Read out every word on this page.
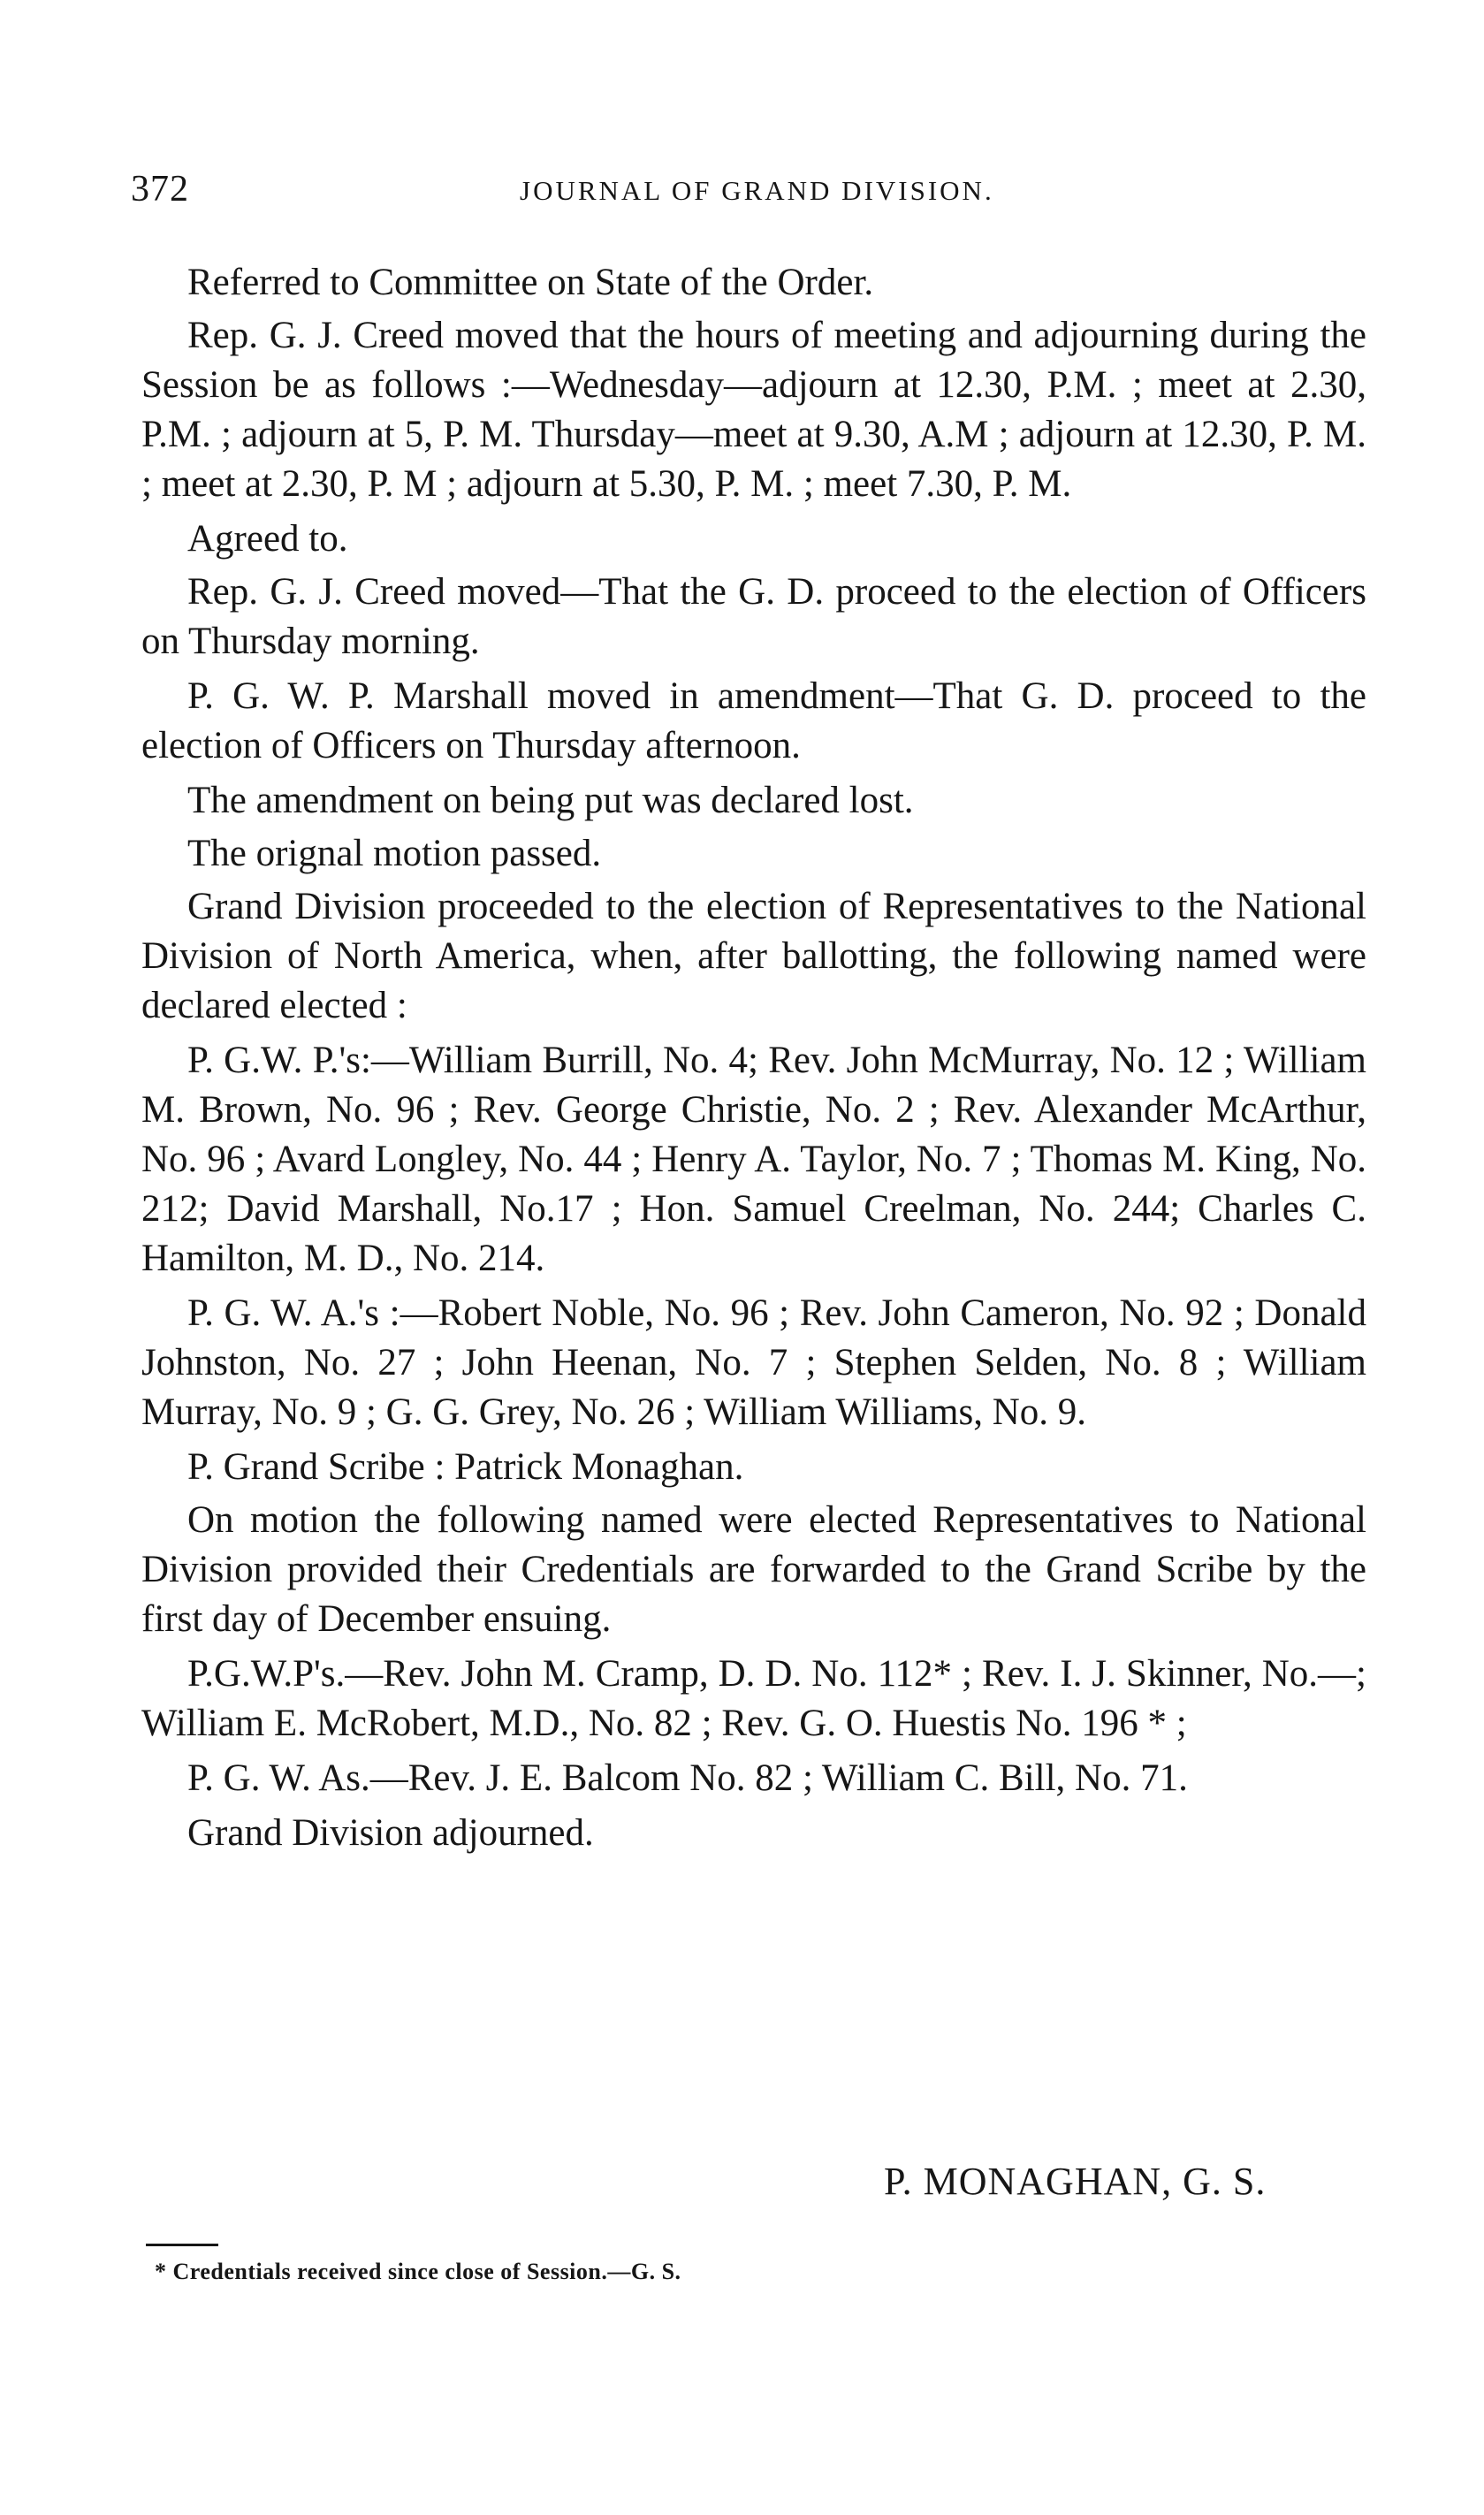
372	JOURNAL OF GRAND DIVISION.

Referred to Committee on State of the Order.

Rep. G. J. Creed moved that the hours of meeting and adjourning during the Session be as follows :—Wednesday—adjourn at 12.30, P.M. ; meet at 2.30, P.M. ; adjourn at 5, P. M. Thursday—meet at 9.30, A.M ; adjourn at 12.30, P. M. ; meet at 2.30, P. M ; adjourn at 5.30, P. M. ; meet 7.30, P. M.

Agreed to.

Rep. G. J. Creed moved—That the G. D. proceed to the election of Officers on Thursday morning.

P. G. W. P. Marshall moved in amendment—That G. D. proceed to the election of Officers on Thursday afternoon.

The amendment on being put was declared lost.

The orignal motion passed.

Grand Division proceeded to the election of Representatives to the National Division of North America, when, after ballotting, the following named were declared elected :

P. G.W. P.'s:—William Burrill, No. 4; Rev. John McMurray, No. 12 ; William M. Brown, No. 96 ; Rev. George Christie, No. 2 ; Rev. Alexander McArthur, No. 96 ; Avard Longley, No. 44 ; Henry A. Taylor, No. 7 ; Thomas M. King, No. 212; David Marshall, No.17 ; Hon. Samuel Creelman, No. 244; Charles C. Hamilton, M. D., No. 214.

P. G. W. A.'s :—Robert Noble, No. 96 ; Rev. John Cameron, No. 92 ; Donald Johnston, No. 27 ; John Heenan, No. 7 ; Stephen Selden, No. 8 ; William Murray, No. 9 ; G. G. Grey, No. 26 ; William Williams, No. 9.

P. Grand Scribe : Patrick Monaghan.

On motion the following named were elected Representatives to National Division provided their Credentials are forwarded to the Grand Scribe by the first day of December ensuing.

P.G.W.P's.—Rev. John M. Cramp, D. D. No. 112* ; Rev. I. J. Skinner, No.—; William E. McRobert, M.D., No. 82 ; Rev. G. O. Huestis No. 196 * ;

P. G. W. As.—Rev. J. E. Balcom No. 82 ; William C. Bill, No. 71.

Grand Division adjourned.

P. MONAGHAN, G. S.
* Credentials received since close of Session.—G. S.
